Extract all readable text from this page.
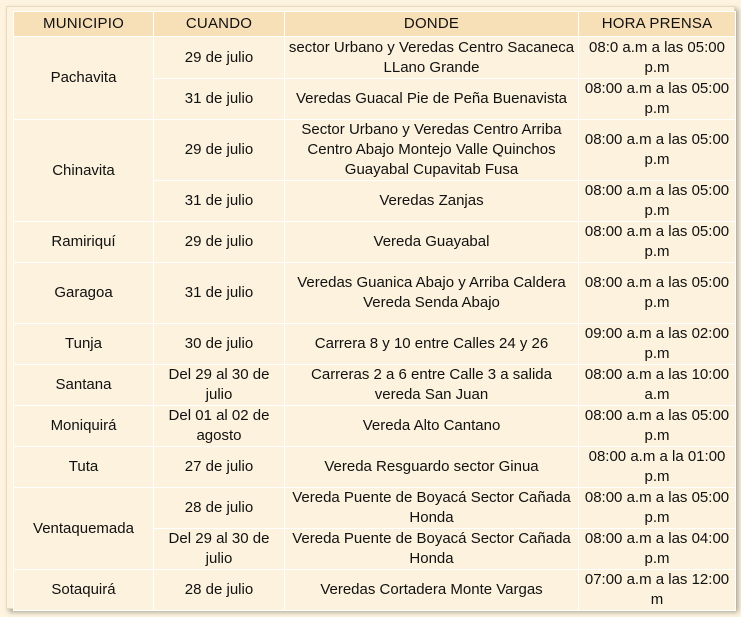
MUNICIPIO	CUANDO	DONDE	HORA PRENSA
Pachavita	29 de julio	sector Urbano y Veredas Centro Sacaneca LLano Grande	08:0 a.m a las 05:00 p.m
	31 de julio	Veredas Guacal Pie de Peña Buenavista	08:00 a.m a las 05:00 p.m
Chinavita	29 de julio	Sector Urbano y Veredas Centro Arriba Centro Abajo Montejo Valle Quinchos Guayabal Cupavitab Fusa	08:00 a.m a las 05:00 p.m
	31 de julio	Veredas Zanjas	08:00 a.m a las 05:00 p.m
Ramiriquí	29 de julio	Vereda Guayabal	08:00 a.m a las 05:00 p.m
Garagoa	31 de julio	Veredas Guanica Abajo y Arriba Caldera Vereda Senda Abajo	08:00 a.m a las 05:00 p.m
Tunja	30 de julio	Carrera 8 y 10 entre Calles 24 y 26	09:00 a.m a las 02:00 p.m
Santana	Del 29 al 30 de julio	Carreras 2 a 6 entre Calle 3 a salida vereda San Juan	08:00 a.m a las 10:00 a.m
Moniquirá	Del 01 al 02 de agosto	Vereda Alto Cantano	08:00 a.m a las 05:00 p.m
Tuta	27 de julio	Vereda Resguardo sector Ginua	08:00 a.m a la 01:00 p.m
Ventaquemada	28 de julio	Vereda Puente de Boyacá Sector Cañada Honda	08:00 a.m a las 05:00 p.m
	Del 29 al 30 de julio	Vereda Puente de Boyacá Sector Cañada Honda	08:00 a.m a las 04:00 p.m
Sotaquirá	28 de julio	Veredas Cortadera Monte Vargas	07:00 a.m a las 12:00 m
